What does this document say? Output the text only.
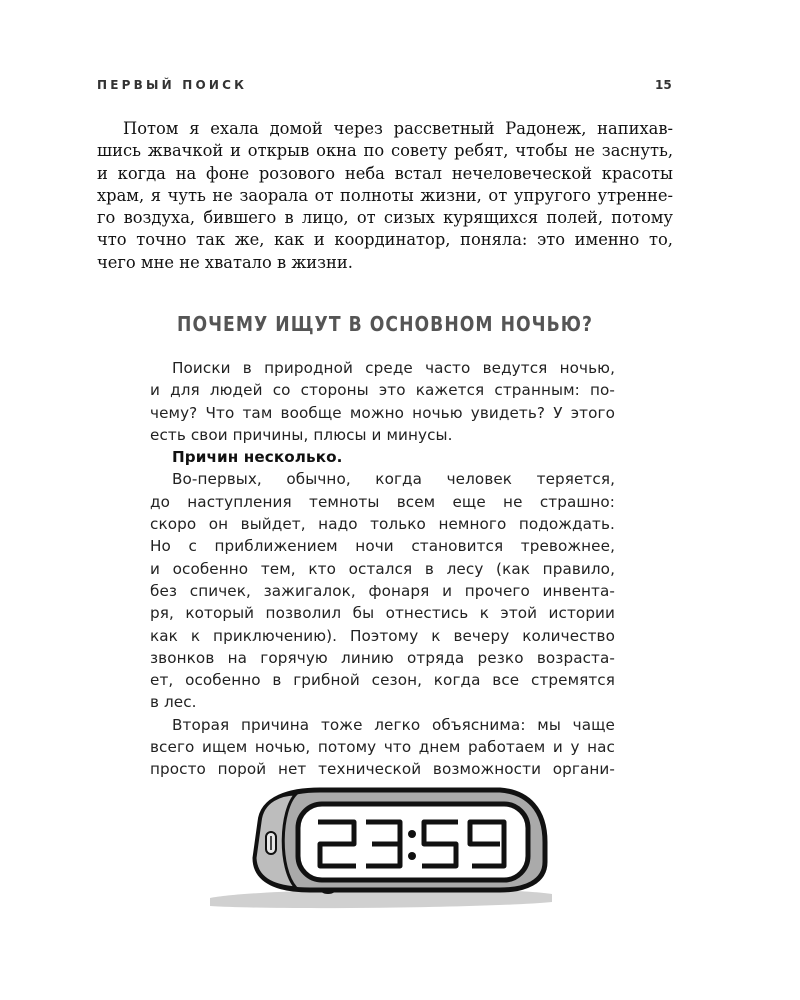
ПЕРВЫЙ ПОИСК	15
Потом я ехала домой через рассветный Радонеж, напихав-
шись жвачкой и открыв окна по совету ребят, чтобы не заснуть,
и когда на фоне розового неба встал нечеловеческой красоты
храм, я чуть не заорала от полноты жизни, от упругого утренне-
го воздуха, бившего в лицо, от сизых курящихся полей, потому
что точно так же, как и координатор, поняла: это именно то,
чего мне не хватало в жизни.
ПОЧЕМУ ИЩУТ В ОСНОВНОМ НОЧЬЮ?
Поиски в природной среде часто ведутся ночью,
и для людей со стороны это кажется странным: по-
чему? Что там вообще можно ночью увидеть? У этого
есть свои причины, плюсы и минусы.
Причин несколько.
Во-первых, обычно, когда человек теряется,
до наступления темноты всем еще не страшно:
скоро он выйдет, надо только немного подождать.
Но с приближением ночи становится тревожнее,
и особенно тем, кто остался в лесу (как правило,
без спичек, зажигалок, фонаря и прочего инвента-
ря, который позволил бы отнестись к этой истории
как к приключению). Поэтому к вечеру количество
звонков на горячую линию отряда резко возраста-
ет, особенно в грибной сезон, когда все стремятся
в лес.
Вторая причина тоже легко объяснима: мы чаще
всего ищем ночью, потому что днем работаем и у нас
просто порой нет технической возможности органи-
